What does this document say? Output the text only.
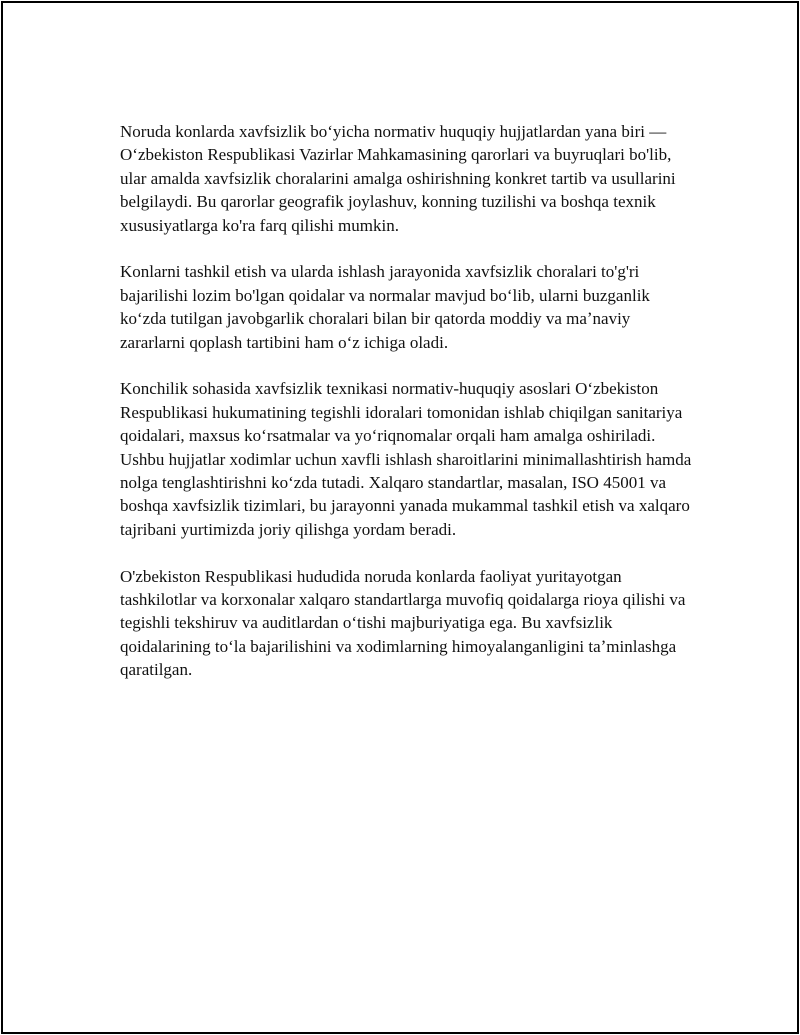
Noruda konlarda xavfsizlik boʻyicha normativ huquqiy hujjatlardan yana biri — Oʻzbekiston Respublikasi Vazirlar Mahkamasining qarorlari va buyruqlari bo'lib, ular amalda xavfsizlik choralarini amalga oshirishning konkret tartib va usullarini belgilaydi. Bu qarorlar geografik joylashuv, konning tuzilishi va boshqa texnik xususiyatlarga ko'ra farq qilishi mumkin.

Konlarni tashkil etish va ularda ishlash jarayonida xavfsizlik choralari to'g'ri bajarilishi lozim bo'lgan qoidalar va normalar mavjud boʻlib, ularni buzganlik koʻzda tutilgan javobgarlik choralari bilan bir qatorda moddiy va maʼnaviy zararlarni qoplash tartibini ham oʻz ichiga oladi.

Konchilik sohasida xavfsizlik texnikasi normativ-huquqiy asoslari Oʻzbekiston Respublikasi hukumatining tegishli idoralari tomonidan ishlab chiqilgan sanitariya qoidalari, maxsus koʻrsatmalar va yoʻriqnomalar orqali ham amalga oshiriladi. Ushbu hujjatlar xodimlar uchun xavfli ishlash sharoitlarini minimallashtirish hamda nolga tenglashtirishni koʻzda tutadi. Xalqaro standartlar, masalan, ISO 45001 va boshqa xavfsizlik tizimlari, bu jarayonni yanada mukammal tashkil etish va xalqaro tajribani yurtimizda joriy qilishga yordam beradi.

O'zbekiston Respublikasi hududida noruda konlarda faoliyat yuritayotgan tashkilotlar va korxonalar xalqaro standartlarga muvofiq qoidalarga rioya qilishi va tegishli tekshiruv va auditlardan oʻtishi majburiyatiga ega. Bu xavfsizlik qoidalarining toʻla bajarilishini va xodimlarning himoyalanganligini taʼminlashga qaratilgan.
